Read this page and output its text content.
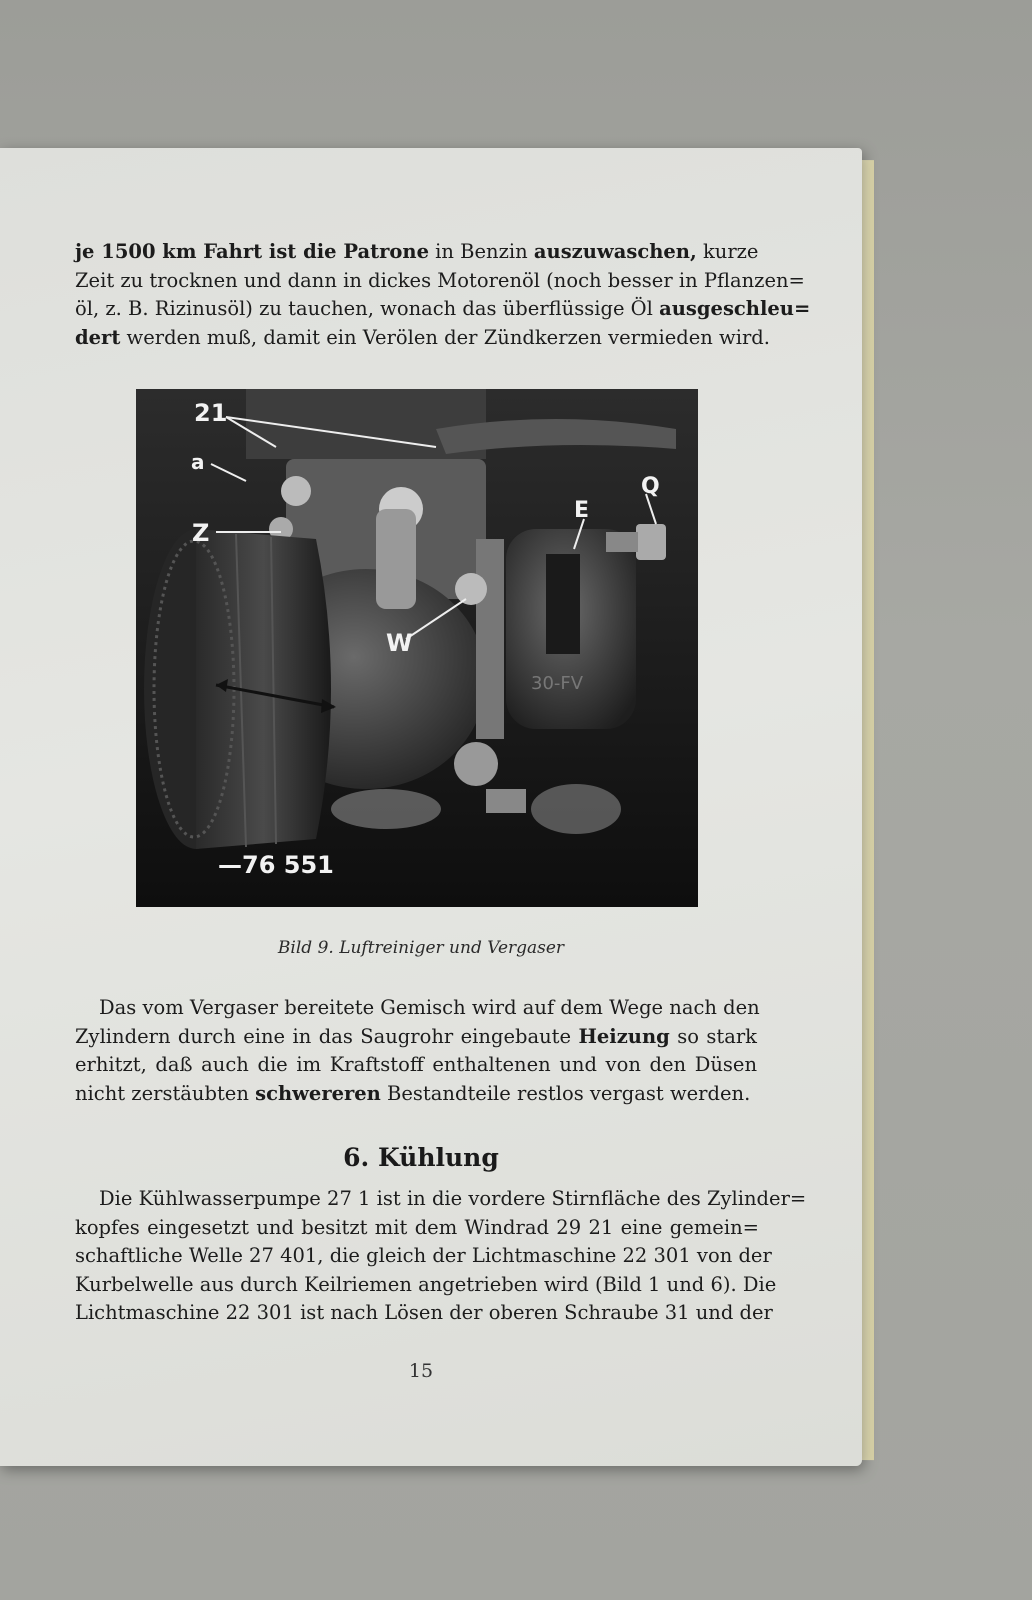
je 1500 km Fahrt ist die Patrone in Benzin auszuwaschen, kurze
Zeit zu trocknen und dann in dickes Motorenöl (noch besser in Pflanzen=
öl, z. B. Rizinusöl) zu tauchen, wonach das überflüssige Öl ausgeschleu=
dert werden muß, damit ein Verölen der Zündkerzen vermieden wird.

30-FV
21
a
Z
E
Q
W
—76 551

Bild 9. Luftreiniger und Vergaser

Das vom Vergaser bereitete Gemisch wird auf dem Wege nach den
Zylindern durch eine in das Saugrohr eingebaute Heizung so stark
erhitzt, daß auch die im Kraftstoff enthaltenen und von den Düsen
nicht zerstäubten schwereren Bestandteile restlos vergast werden.

6. Kühlung

Die Kühlwasserpumpe 27 1 ist in die vordere Stirnfläche des Zylinder=
kopfes eingesetzt und besitzt mit dem Windrad 29 21 eine gemein=
schaftliche Welle 27 401, die gleich der Lichtmaschine 22 301 von der
Kurbelwelle aus durch Keilriemen angetrieben wird (Bild 1 und 6). Die
Lichtmaschine 22 301 ist nach Lösen der oberen Schraube 31 und der

15
